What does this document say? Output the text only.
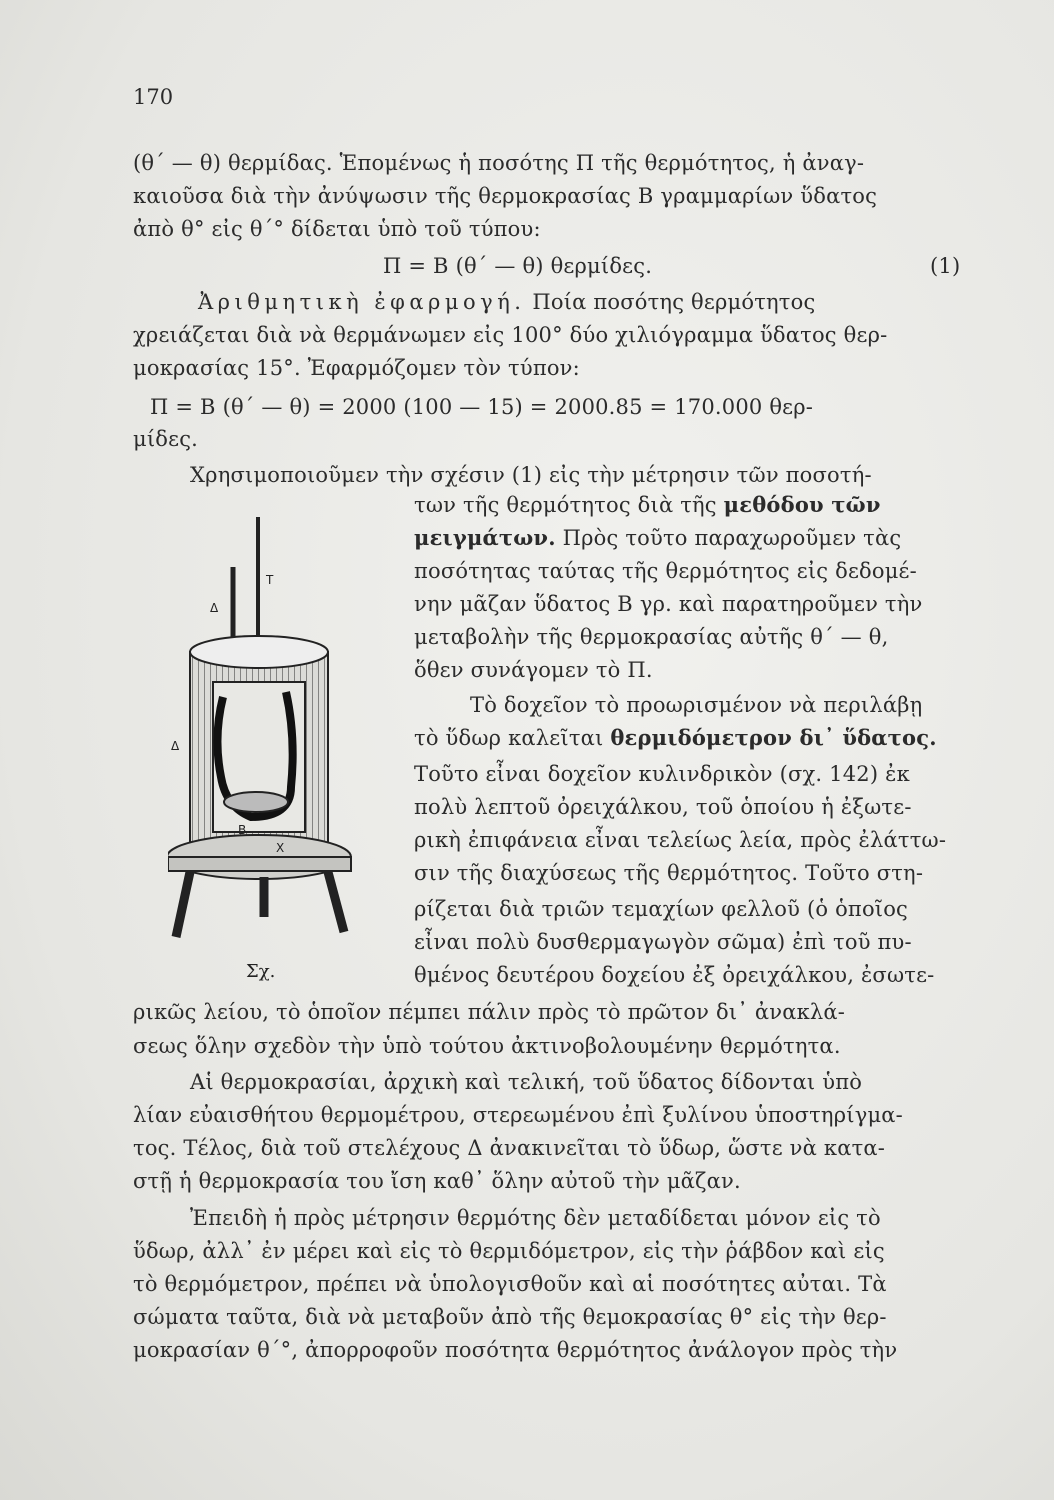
170
(θ΄ — θ) θερμίδας. Ἑπομένως ἡ ποσότης Π τῆς θερμότητος, ἡ ἀναγ-
καιοῦσα διὰ τὴν ἀνύψωσιν τῆς θερμοκρασίας Β γραμμαρίων ὕδατος
ἀπὸ θ° εἰς θ΄° δίδεται ὑπὸ τοῦ τύπου:
Π = Β (θ΄ — θ) θερμίδες.	(1)
Ἀριθμητικὴ ἐφαρμογή. Ποία ποσότης θερμότητος
χρειάζεται διὰ νὰ θερμάνωμεν εἰς 100° δύο χιλιόγραμμα ὕδατος θερ-
μοκρασίας 15°. Ἐφαρμόζομεν τὸν τύπον:
Π = Β (θ΄ — θ) = 2000 (100 — 15) = 2000.85 = 170.000 θερ-
μίδες.
Χρησιμοποιοῦμεν τὴν σχέσιν (1) εἰς τὴν μέτρησιν τῶν ποσοτή-
των τῆς θερμότητος διὰ τῆς μεθόδου τῶν
μειγμάτων. Πρὸς τοῦτο παραχωροῦμεν τὰς
ποσότητας ταύτας τῆς θερμότητος εἰς δεδομέ-
νην μᾶζαν ὕδατος Β γρ. καὶ παρατηροῦμεν τὴν
μεταβολὴν τῆς θερμοκρασίας αὐτῆς θ΄ — θ,
ὅθεν συνάγομεν τὸ Π.
Τὸ δοχεῖον τὸ προωρισμένον νὰ περιλάβῃ
τὸ ὕδωρ καλεῖται θερμιδόμετρον δι᾽ ὕδατος.
Τοῦτο εἶναι δοχεῖον κυλινδρικὸν (σχ. 142) ἐκ
πολὺ λεπτοῦ ὀρειχάλκου, τοῦ ὁποίου ἡ ἐξωτε-
ρικὴ ἐπιφάνεια εἶναι τελείως λεία, πρὸς ἐλάττω-
σιν τῆς διαχύσεως τῆς θερμότητος. Τοῦτο στη-
ρίζεται διὰ τριῶν τεμαχίων φελλοῦ (ὁ ὁποῖος
εἶναι πολὺ δυσθερμαγωγὸν σῶμα) ἐπὶ τοῦ πυ-
θμένος δευτέρου δοχείου ἐξ ὀρειχάλκου, ἐσωτε-
ρικῶς λείου, τὸ ὁποῖον πέμπει πάλιν πρὸς τὸ πρῶτον δι᾽ ἀνακλά-
σεως ὅλην σχεδὸν τὴν ὑπὸ τούτου ἀκτινοβολουμένην θερμότητα.
Αἱ θερμοκρασίαι, ἀρχικὴ καὶ τελική, τοῦ ὕδατος δίδονται ὑπὸ
λίαν εὐαισθήτου θερμομέτρου, στερεωμένου ἐπὶ ξυλίνου ὑποστηρίγμα-
τος. Τέλος, διὰ τοῦ στελέχους Δ ἀνακινεῖται τὸ ὕδωρ, ὥστε νὰ κατα-
στῇ ἡ θερμοκρασία του ἴση καθ᾽ ὅλην αὐτοῦ τὴν μᾶζαν.
Ἐπειδὴ ἡ πρὸς μέτρησιν θερμότης δὲν μεταδίδεται μόνον εἰς τὸ
ὕδωρ, ἀλλ᾽ ἐν μέρει καὶ εἰς τὸ θερμιδόμετρον, εἰς τὴν ῥάβδον καὶ εἰς
τὸ θερμόμετρον, πρέπει νὰ ὑπολογισθοῦν καὶ αἱ ποσότητες αὐται. Τὰ
σώματα ταῦτα, διὰ νὰ μεταβοῦν ἀπὸ τῆς θεμοκρασίας θ° εἰς τὴν θερ-
μοκρασίαν θ΄°, ἀπορροφοῦν ποσότητα θερμότητος ἀνάλογον πρὸς τὴν
Τ
Δ
Δ
Β
Χ
Σχ.
